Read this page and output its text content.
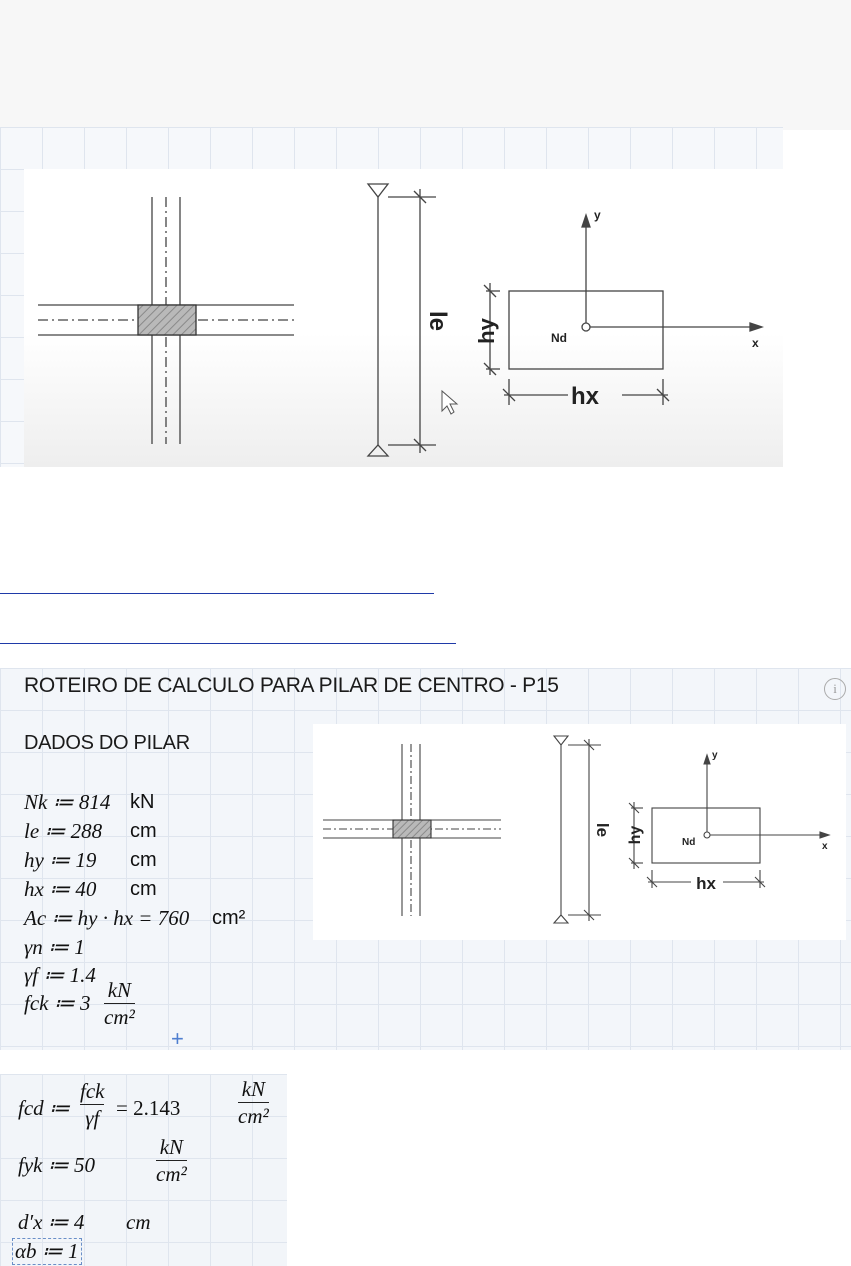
le hy
hx
y
x
Nd
ROTEIRO DE CALCULO PARA PILAR DE CENTRO - P15	i
DADOS DO PILAR
Nk ≔ 814 kN
le ≔ 288 cm
hy ≔ 19 cm
hx ≔ 40 cm
Ac ≔ hy · hx = 760 cm²
γn ≔ 1
γf ≔ 1.4
fck ≔ 3
kN
cm²
+
le hy
hx
y
x
Nd
fcd ≔
fck
γf = 2.143
kN
cm²
fyk ≔ 50
kN
cm²
d′x ≔ 4 cm
αb ≔ 1
